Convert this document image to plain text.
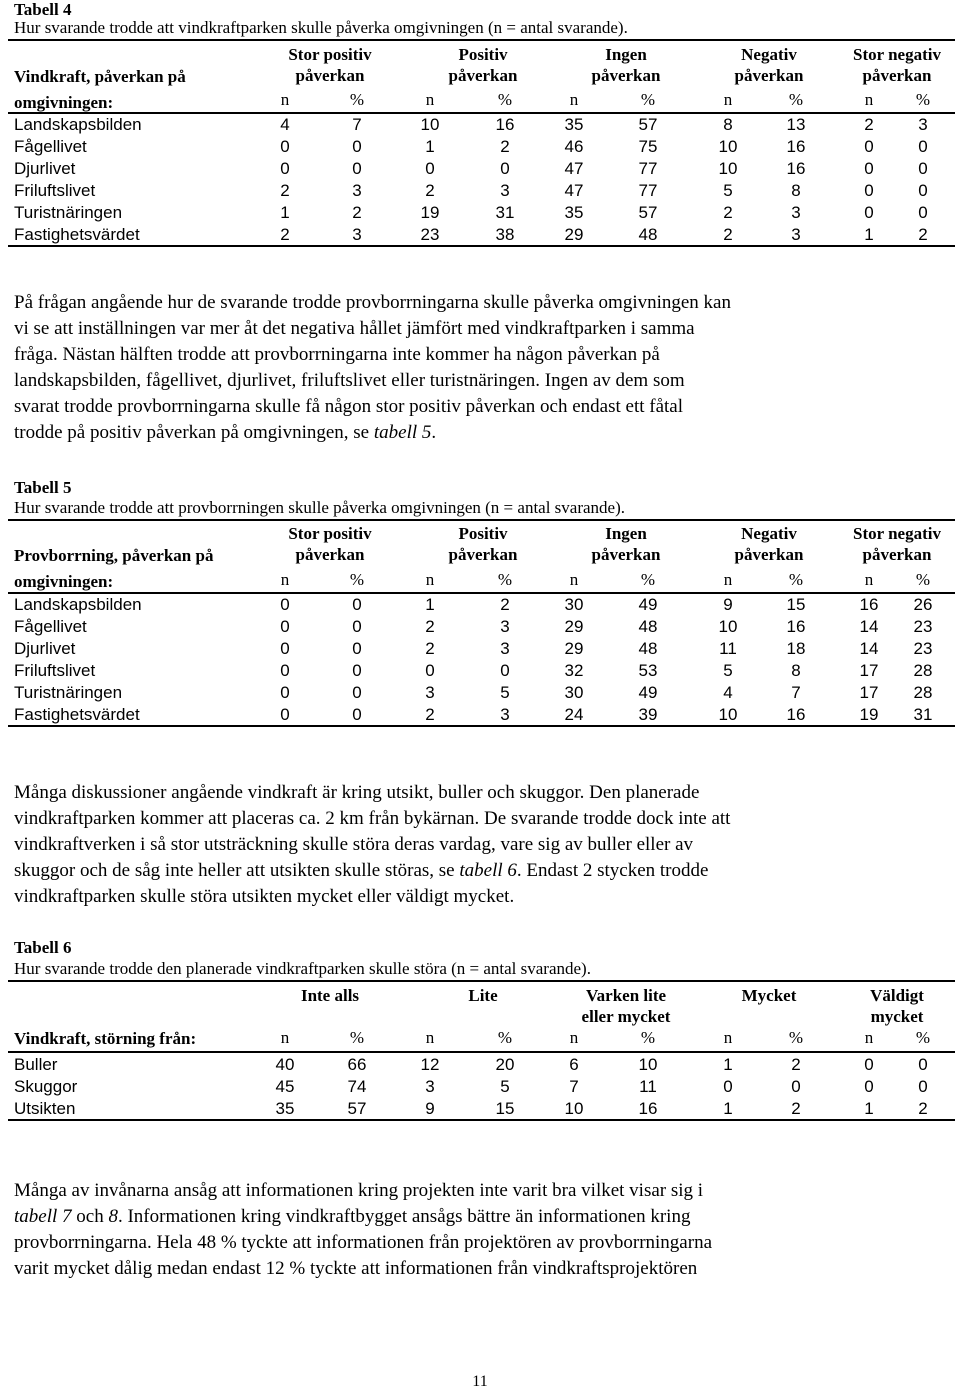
Tabell 4
Hur svarande trodde att vindkraftparken skulle påverka omgivningen (n = antal svarande).
Vindkraft, påverkan på
omgivningen:
Stor positiv
påverkan
Positiv
påverkan
Ingen
påverkan
Negativ
påverkan
Stor negativ
påverkan
n	%	n	%	n	%	n	%	n	%
Landskapsbilden	4	7	10	16	35	57	8	13	2	3
Fågellivet	0	0	1	2	46	75	10	16	0	0
Djurlivet	0	0	0	0	47	77	10	16	0	0
Friluftslivet	2	3	2	3	47	77	5	8	0	0
Turistnäringen	1	2	19	31	35	57	2	3	0	0
Fastighetsvärdet	2	3	23	38	29	48	2	3	1	2
På frågan angående hur de svarande trodde provborrningarna skulle påverka omgivningen kan
vi se att inställningen var mer åt det negativa hållet jämfört med vindkraftparken i samma
fråga. Nästan hälften trodde att provborrningarna inte kommer ha någon påverkan på
landskapsbilden, fågellivet, djurlivet, friluftslivet eller turistnäringen. Ingen av dem som
svarat trodde provborrningarna skulle få någon stor positiv påverkan och endast ett fåtal
trodde på positiv påverkan på omgivningen, se tabell 5.
Tabell 5
Hur svarande trodde att provborrningen skulle påverka omgivningen (n = antal svarande).
Provborrning, påverkan på
omgivningen:
Stor positiv
påverkan
Positiv
påverkan
Ingen
påverkan
Negativ
påverkan
Stor negativ
påverkan
n	%	n	%	n	%	n	%	n	%
Landskapsbilden	0	0	1	2	30	49	9	15	16	26
Fågellivet	0	0	2	3	29	48	10	16	14	23
Djurlivet	0	0	2	3	29	48	11	18	14	23
Friluftslivet	0	0	0	0	32	53	5	8	17	28
Turistnäringen	0	0	3	5	30	49	4	7	17	28
Fastighetsvärdet	0	0	2	3	24	39	10	16	19	31
Många diskussioner angående vindkraft är kring utsikt, buller och skuggor. Den planerade
vindkraftparken kommer att placeras ca. 2 km från bykärnan. De svarande trodde dock inte att
vindkraftverken i så stor utsträckning skulle störa deras vardag, vare sig av buller eller av
skuggor och de såg inte heller att utsikten skulle störas, se tabell 6. Endast 2 stycken trodde
vindkraftparken skulle störa utsikten mycket eller väldigt mycket.
Tabell 6
Hur svarande trodde den planerade vindkraftparken skulle störa (n = antal svarande).
Vindkraft, störning från:
Inte alls	Lite	Varken lite
eller mycket
Mycket	Väldigt
mycket
n	%	n	%	n	%	n	%	n	%
Buller	40	66	12	20	6	10	1	2	0	0
Skuggor	45	74	3	5	7	11	0	0	0	0
Utsikten	35	57	9	15	10	16	1	2	1	2
Många av invånarna ansåg att informationen kring projekten inte varit bra vilket visar sig i
tabell 7 och 8. Informationen kring vindkraftbygget ansågs bättre än informationen kring
provborrningarna. Hela 48 % tyckte att informationen från projektören av provborrningarna
varit mycket dålig medan endast 12 % tyckte att informationen från vindkraftsprojektören
11
